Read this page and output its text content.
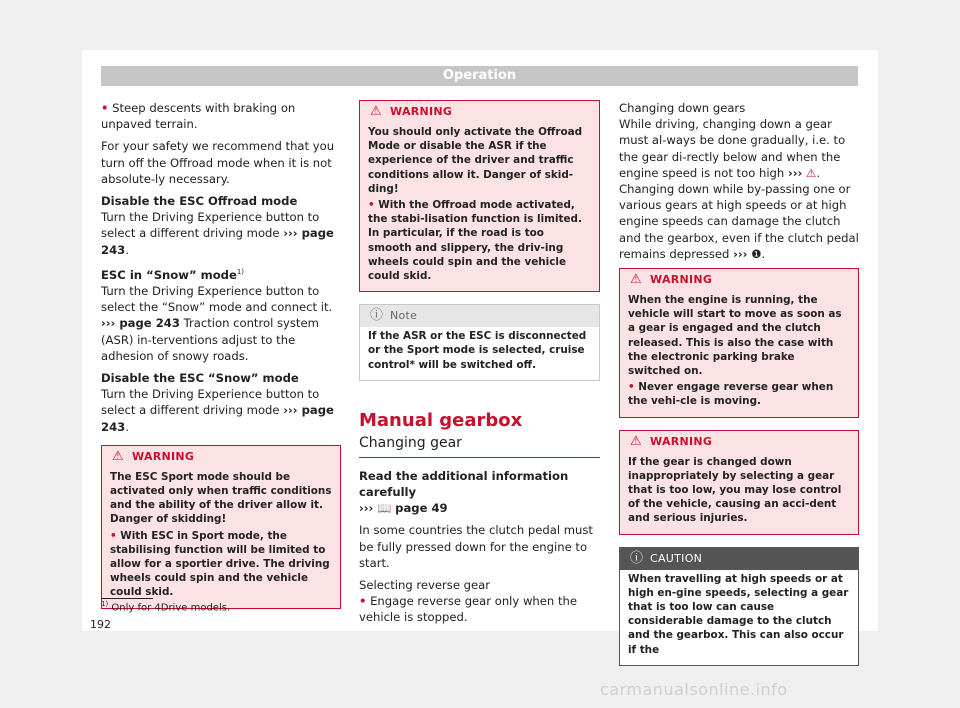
Operation

• Steep descents with braking on unpaved terrain.

For your safety we recommend that you turn off the Offroad mode when it is not absolute-ly necessary.

Disable the ESC Offroad mode

Turn the Driving Experience button to select a different driving mode ››› page 243.

ESC in “Snow” mode$^{1)}$

Turn the Driving Experience button to select the “Snow” mode and connect it. ››› page 243 Traction control system (ASR) in-terventions adjust to the adhesion of snowy roads.

Disable the ESC “Snow” mode

Turn the Driving Experience button to select a different driving mode ››› page 243.

⚠ WARNING

The ESC Sport mode should be activated only when traffic conditions and the ability of the driver allow it. Danger of skidding!

• With ESC in Sport mode, the stabilising function will be limited to allow for a sportier drive. The driving wheels could spin and the vehicle could skid.

⚠ WARNING

You should only activate the Offroad Mode or disable the ASR if the experience of the driver and traffic conditions allow it. Danger of skid-ding!

• With the Offroad mode activated, the stabi-lisation function is limited. In particular, if the road is too smooth and slippery, the driv-ing wheels could spin and the vehicle could skid.

ⓘ Note

If the ASR or the ESC is disconnected or the Sport mode is selected, cruise control* will be switched off.

Manual gearbox
Changing gear

Read the additional information carefully

››› 📖 page 49

In some countries the clutch pedal must be fully pressed down for the engine to start.

Selecting reverse gear

• Engage reverse gear only when the vehicle is stopped.

Changing down gears

While driving, changing down a gear must al-ways be done gradually, i.e. to the gear di-rectly below and when the engine speed is not too high ››› ⚠. Changing down while by-passing one or various gears at high speeds or at high engine speeds can damage the clutch and the gearbox, even if the clutch pedal remains depressed ››› ❶.

⚠ WARNING

When the engine is running, the vehicle will start to move as soon as a gear is engaged and the clutch released. This is also the case with the electronic parking brake switched on.

• Never engage reverse gear when the vehi-cle is moving.

⚠ WARNING

If the gear is changed down inappropriately by selecting a gear that is too low, you may lose control of the vehicle, causing an acci-dent and serious injuries.

ⓘ CAUTION

When travelling at high speeds or at high en-gine speeds, selecting a gear that is too low can cause considerable damage to the clutch and the gearbox. This can also occur if the

$^{1)}$ Only for 4Drive models.
192
carmanualsonline.info
